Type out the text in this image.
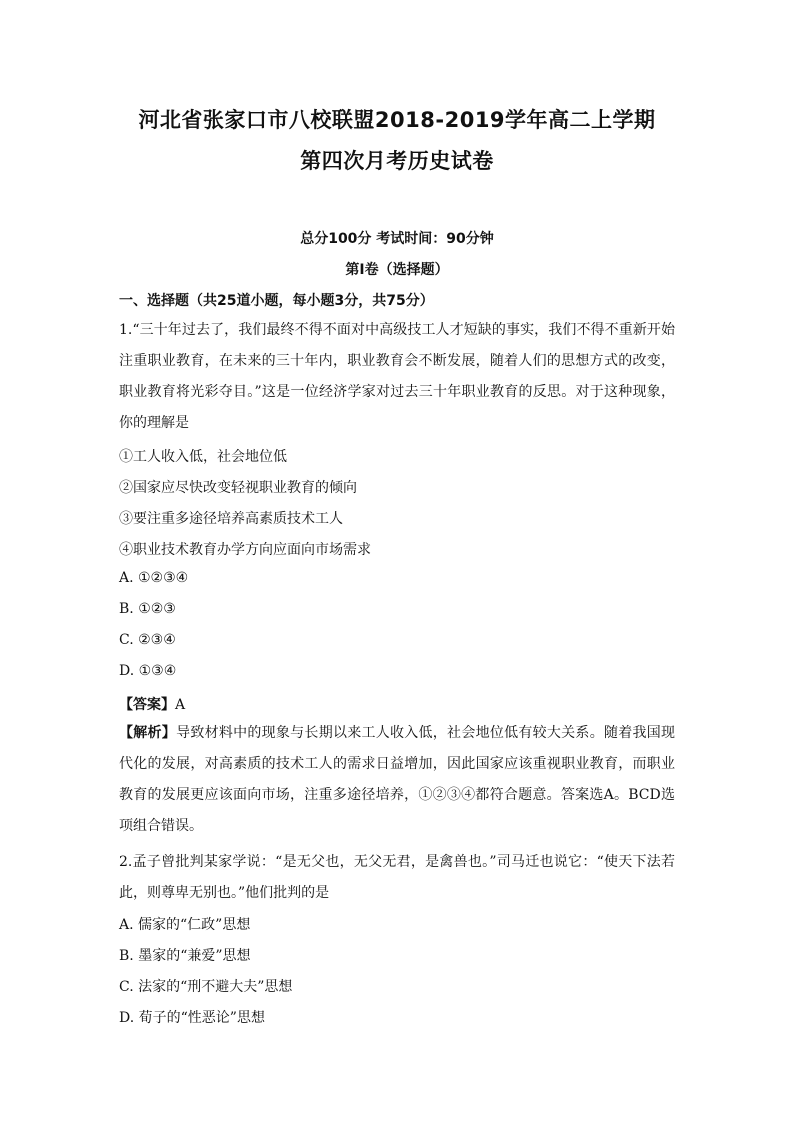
河北省张家口市八校联盟2018-2019学年高二上学期
第四次月考历史试卷
总分100分 考试时间：90分钟
第I卷（选择题）
一、选择题（共25道小题，每小题3分，共75分）
1.“三十年过去了，我们最终不得不面对中高级技工人才短缺的事实，我们不得不重新开始注重职业教育，在未来的三十年内，职业教育会不断发展，随着人们的思想方式的改变，职业教育将光彩夺目。”这是一位经济学家对过去三十年职业教育的反思。对于这种现象，你的理解是
①工人收入低，社会地位低
②国家应尽快改变轻视职业教育的倾向
③要注重多途径培养高素质技术工人
④职业技术教育办学方向应面向市场需求
A. ①②③④
B. ①②③
C. ②③④
D. ①③④
【答案】A
【解析】导致材料中的现象与长期以来工人收入低，社会地位低有较大关系。随着我国现代化的发展，对高素质的技术工人的需求日益增加，因此国家应该重视职业教育，而职业教育的发展更应该面向市场，注重多途径培养，①②③④都符合题意。答案选A。BCD选项组合错误。
2.孟子曾批判某家学说：“是无父也，无父无君，是禽兽也。”司马迁也说它：“使天下法若此，则尊卑无别也。”他们批判的是
A. 儒家的“仁政”思想
B. 墨家的“兼爱”思想
C. 法家的“刑不避大夫”思想
D. 荀子的“性恶论”思想
